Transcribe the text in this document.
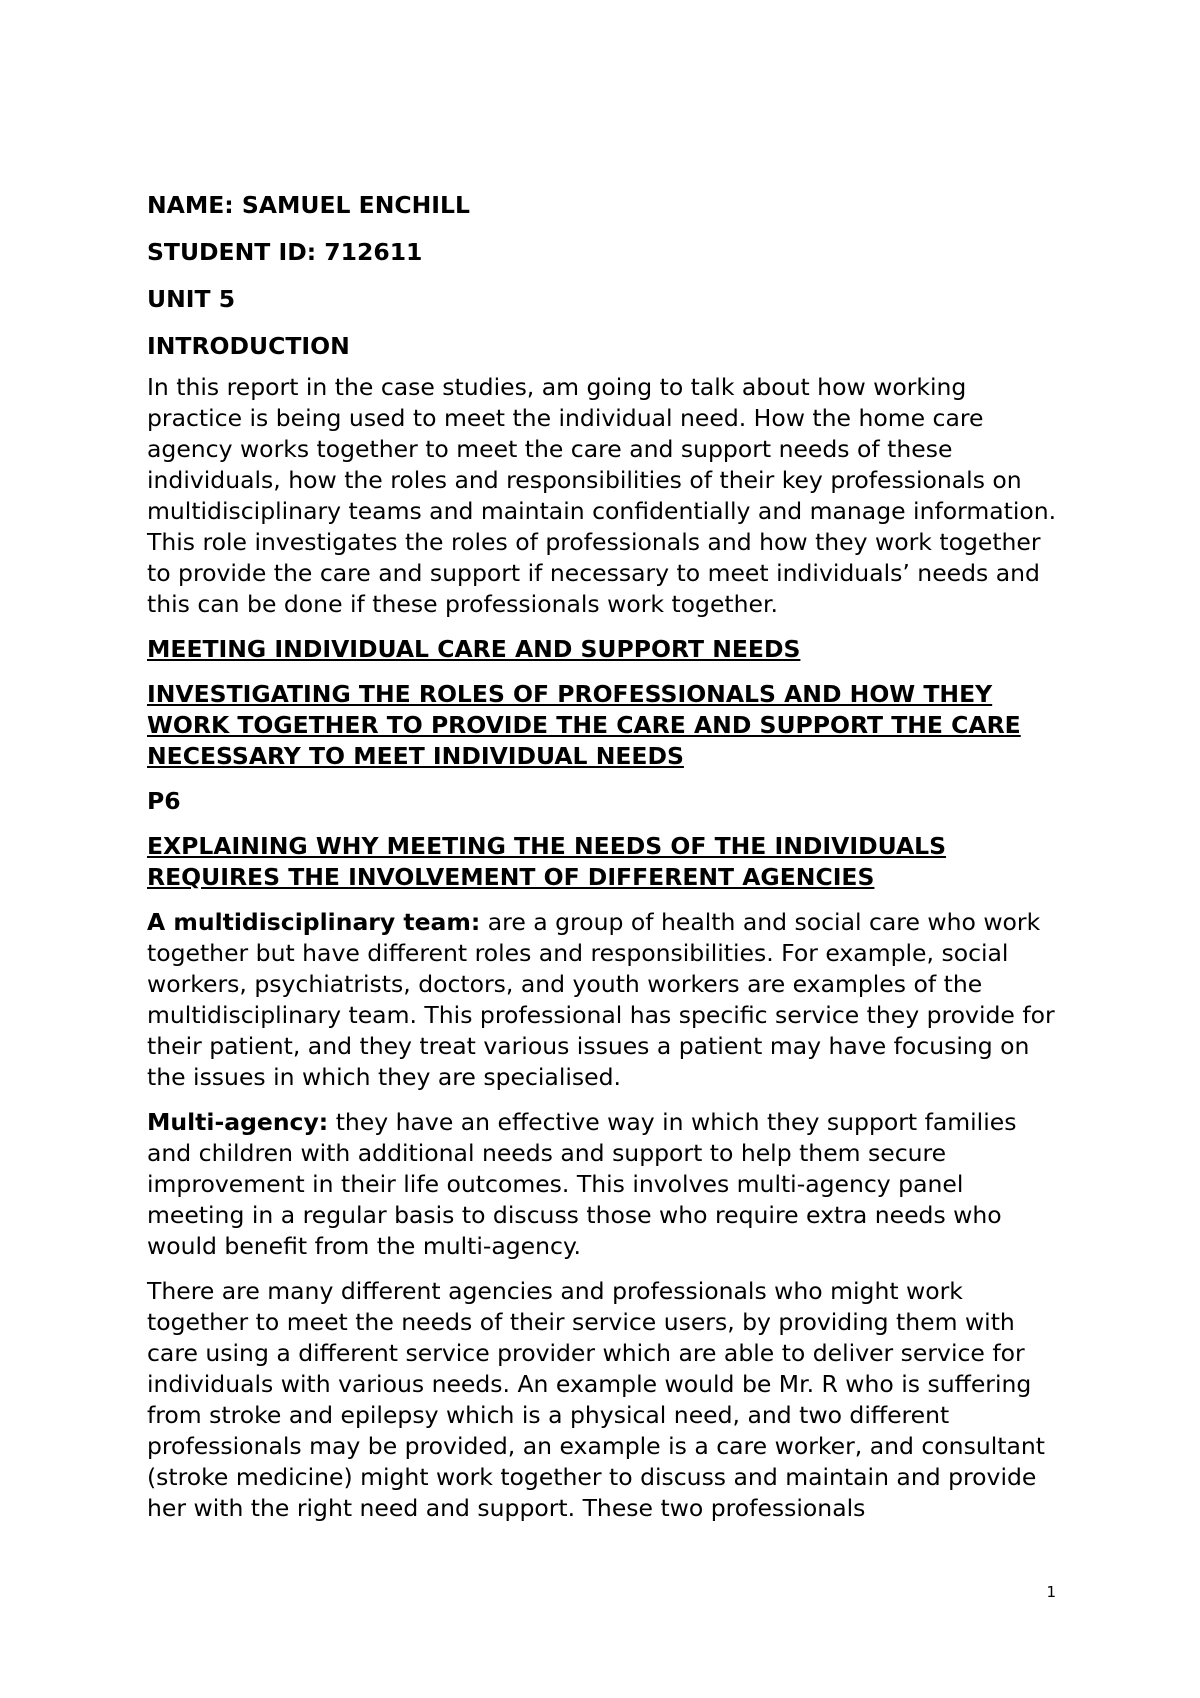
NAME: SAMUEL ENCHILL
STUDENT ID: 712611
UNIT 5
INTRODUCTION

In this report in the case studies, am going to talk about how working practice is being used to meet the individual need. How the home care agency works together to meet the care and support needs of these individuals, how the roles and responsibilities of their key professionals on multidisciplinary teams and maintain confidentially and manage information. This role investigates the roles of professionals and how they work together to provide the care and support if necessary to meet individuals’ needs and this can be done if these professionals work together.

MEETING INDIVIDUAL CARE AND SUPPORT NEEDS
INVESTIGATING THE ROLES OF PROFESSIONALS AND HOW THEY WORK TOGETHER TO PROVIDE THE CARE AND SUPPORT THE CARE NECESSARY TO MEET INDIVIDUAL NEEDS
P6
EXPLAINING WHY MEETING THE NEEDS OF THE INDIVIDUALS REQUIRES THE INVOLVEMENT OF DIFFERENT AGENCIES

A multidisciplinary team: are a group of health and social care who work together but have different roles and responsibilities. For example, social workers, psychiatrists, doctors, and youth workers are examples of the multidisciplinary team. This professional has specific service they provide for their patient, and they treat various issues a patient may have focusing on the issues in which they are specialised.

Multi-agency: they have an effective way in which they support families and children with additional needs and support to help them secure improvement in their life outcomes. This involves multi-agency panel meeting in a regular basis to discuss those who require extra needs who would benefit from the multi-agency.

There are many different agencies and professionals who might work together to meet the needs of their service users, by providing them with care using a different service provider which are able to deliver service for individuals with various needs. An example would be Mr. R who is suffering from stroke and epilepsy which is a physical need, and two different professionals may be provided, an example is a care worker, and consultant (stroke medicine) might work together to discuss and maintain and provide her with the right need and support. These two professionals

1
